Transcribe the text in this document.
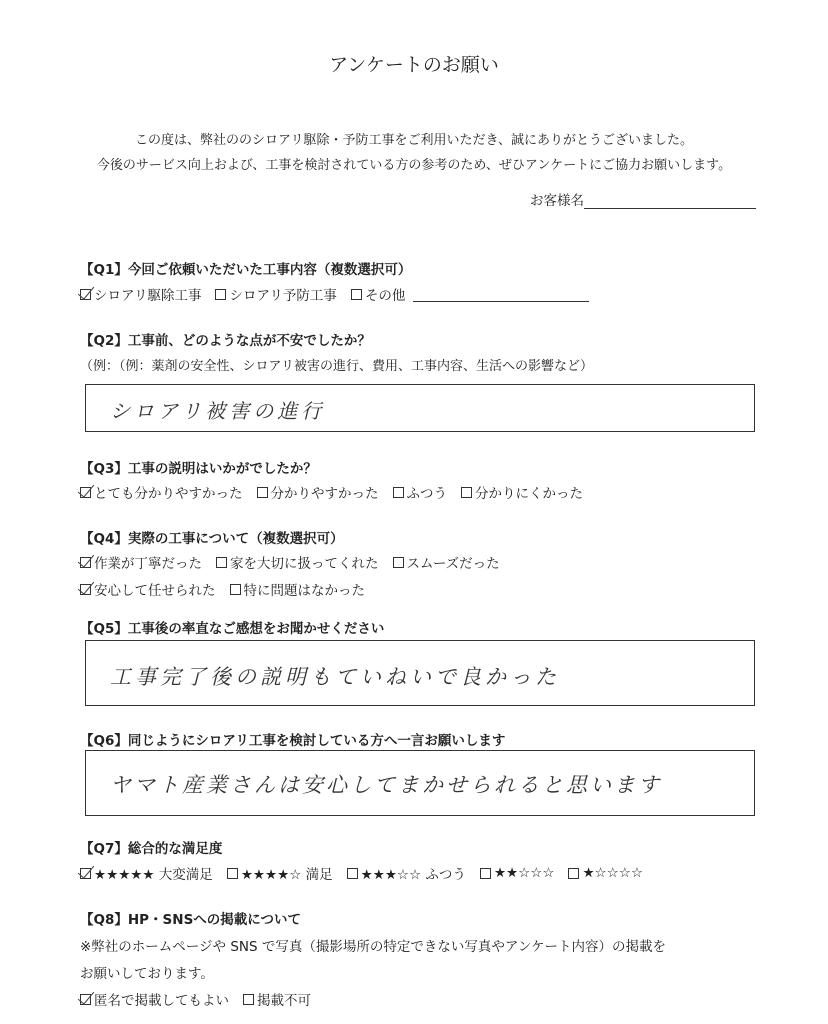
アンケートのお願い
この度は、弊社ののシロアリ駆除・予防工事をご利用いただき、誠にありがとうございました。
今後のサービス向上および、工事を検討されている方の参考のため、ぜひアンケートにご協力お願いします。
お客様名
【Q1】今回ご依頼いただいた工事内容（複数選択可）
シロアリ駆除工事 シロアリ予防工事 その他
【Q2】工事前、どのような点が不安でしたか？
（例：（例：薬剤の安全性、シロアリ被害の進行、費用、工事内容、生活への影響など）
シロアリ被害の進行
【Q3】工事の説明はいかがでしたか？
とても分かりやすかった 分かりやすかった ふつう 分かりにくかった
【Q4】実際の工事について（複数選択可）
作業が丁寧だった 家を大切に扱ってくれた スムーズだった
安心して任せられた 特に問題はなかった
【Q5】工事後の率直なご感想をお聞かせください
工事完了後の説明もていねいで良かった
【Q6】同じようにシロアリ工事を検討している方へ一言お願いします
ヤマト産業さんは安心してまかせられると思います
【Q7】総合的な満足度
★★★★★ 大変満足 ★★★★☆ 満足 ★★★☆☆ ふつう ★★☆☆☆ ★☆☆☆☆
【Q8】HP・SNSへの掲載について
※弊社のホームページや SNS で写真（撮影場所の特定できない写真やアンケート内容）の掲載を
お願いしております。
匿名で掲載してもよい 掲載不可
